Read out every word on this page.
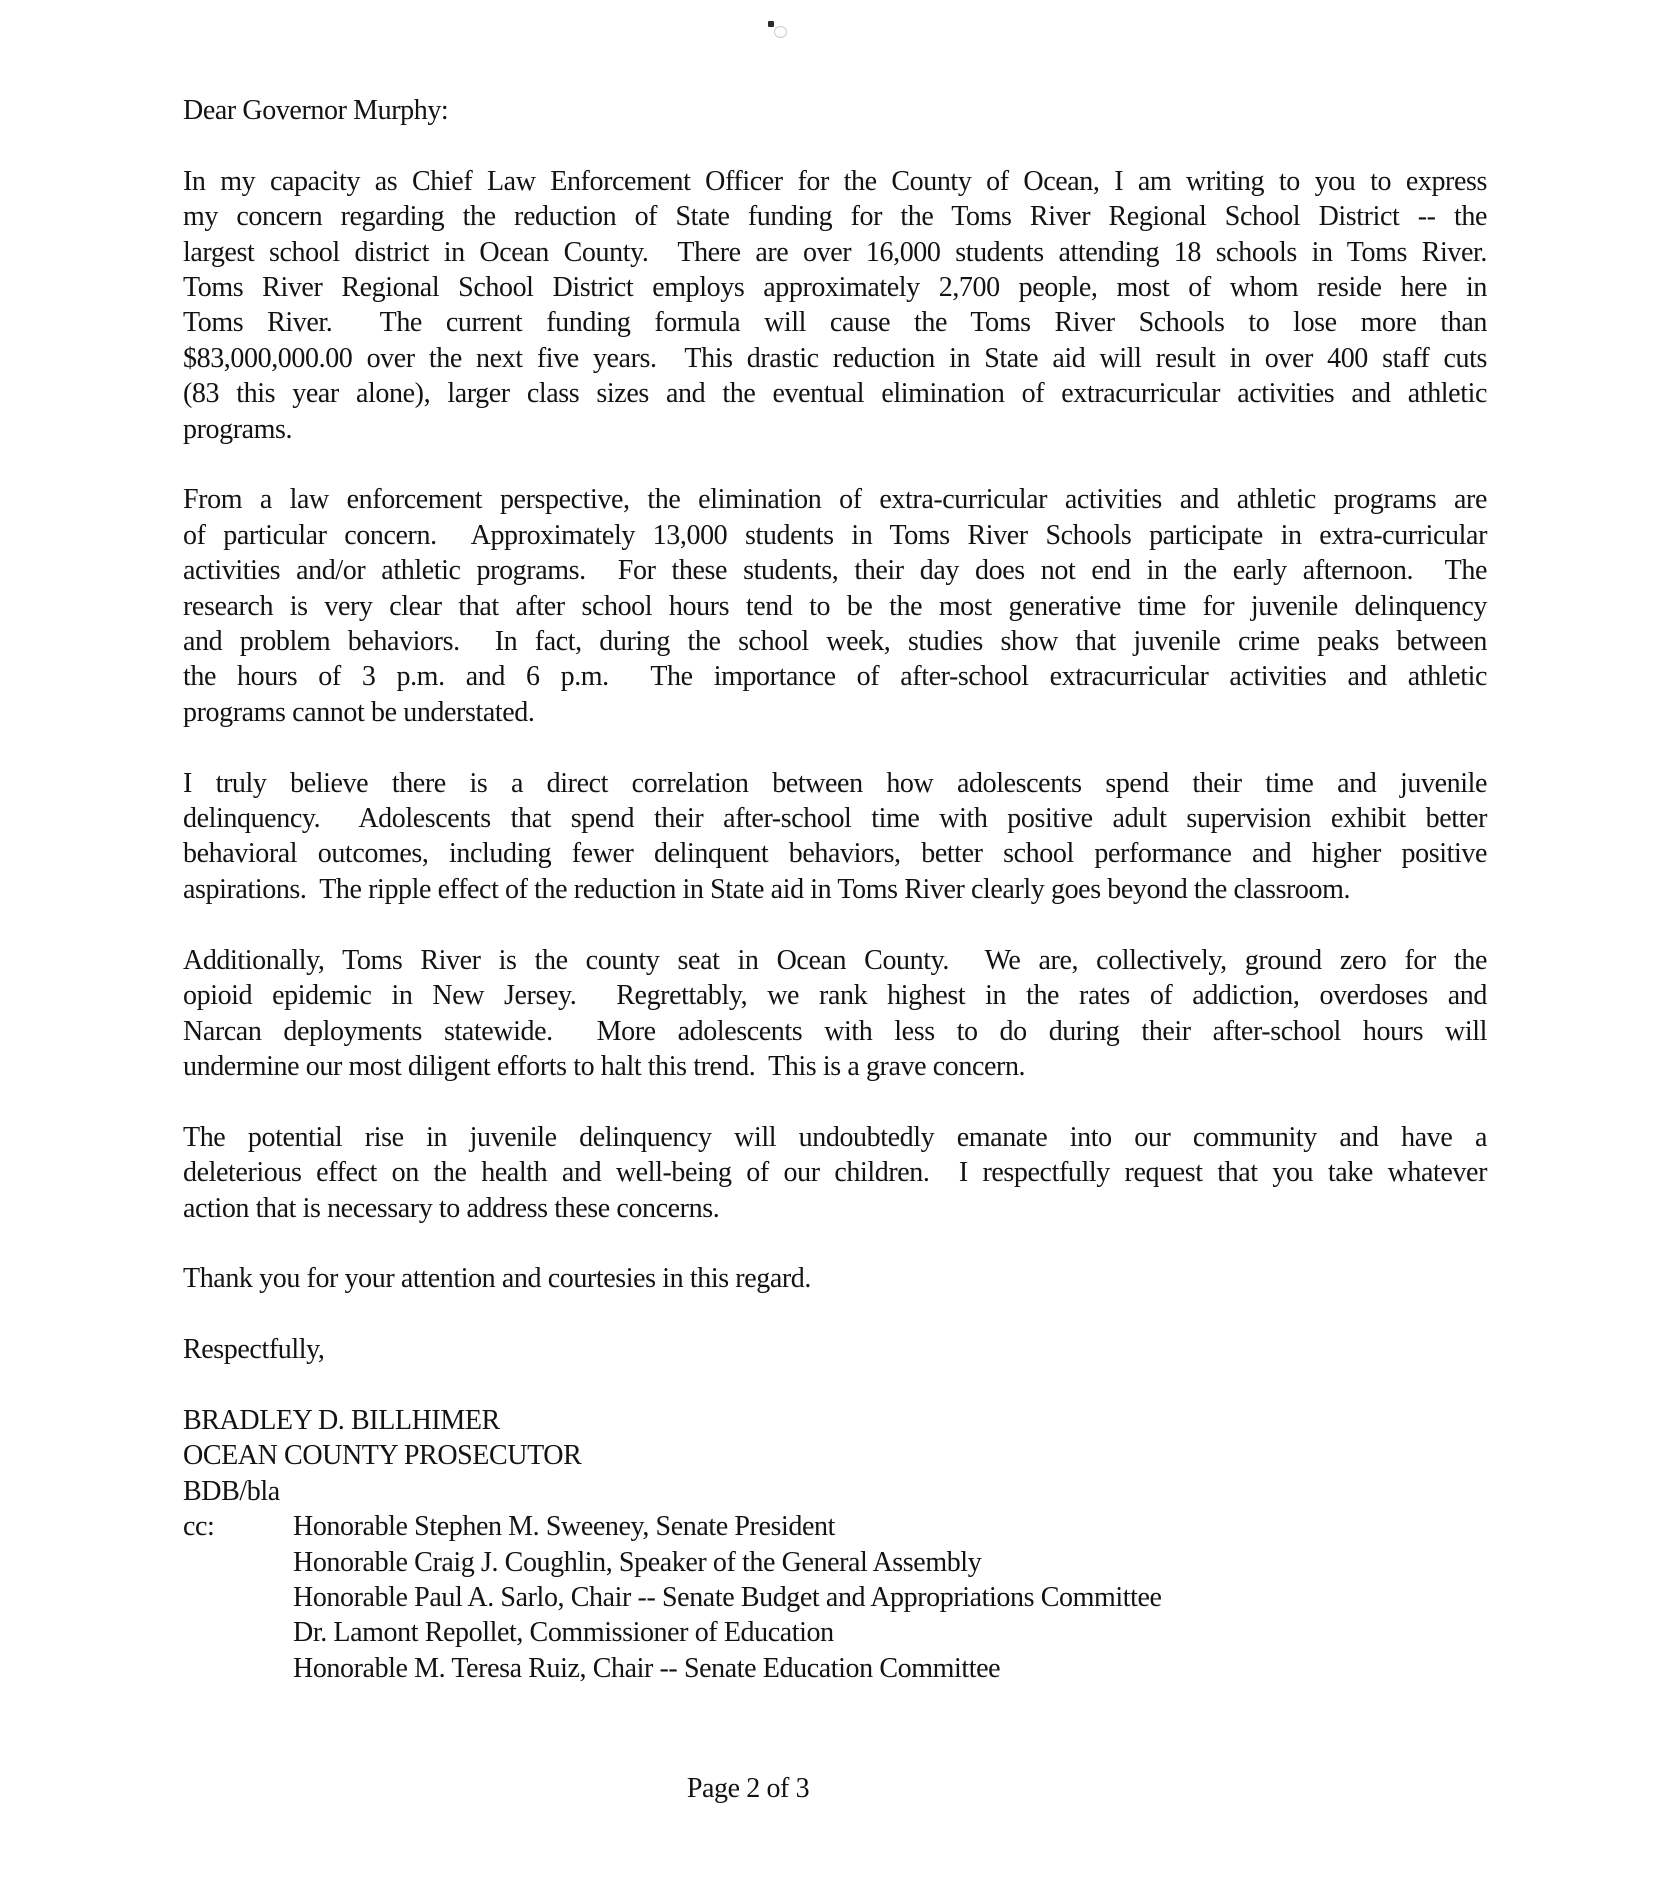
Dear Governor Murphy:
In my capacity as Chief Law Enforcement Officer for the County of Ocean, I am writing to you to express
my concern regarding the reduction of State funding for the Toms River Regional School District -- the
largest school district in Ocean County.  There are over 16,000 students attending 18 schools in Toms River.
Toms River Regional School District employs approximately 2,700 people, most of whom reside here in
Toms River.  The current funding formula will cause the Toms River Schools to lose more than
$83,000,000.00 over the next five years.  This drastic reduction in State aid will result in over 400 staff cuts
(83 this year alone), larger class sizes and the eventual elimination of extracurricular activities and athletic
programs.
From a law enforcement perspective, the elimination of extra-curricular activities and athletic programs are
of particular concern.  Approximately 13,000 students in Toms River Schools participate in extra-curricular
activities and/or athletic programs.  For these students, their day does not end in the early afternoon.  The
research is very clear that after school hours tend to be the most generative time for juvenile delinquency
and problem behaviors.  In fact, during the school week, studies show that juvenile crime peaks between
the hours of 3 p.m. and 6 p.m.  The importance of after-school extracurricular activities and athletic
programs cannot be understated.
I truly believe there is a direct correlation between how adolescents spend their time and juvenile
delinquency.  Adolescents that spend their after-school time with positive adult supervision exhibit better
behavioral outcomes, including fewer delinquent behaviors, better school performance and higher positive
aspirations.  The ripple effect of the reduction in State aid in Toms River clearly goes beyond the classroom.
Additionally, Toms River is the county seat in Ocean County.  We are, collectively, ground zero for the
opioid epidemic in New Jersey.  Regrettably, we rank highest in the rates of addiction, overdoses and
Narcan deployments statewide.  More adolescents with less to do during their after-school hours will
undermine our most diligent efforts to halt this trend.  This is a grave concern.
The potential rise in juvenile delinquency will undoubtedly emanate into our community and have a
deleterious effect on the health and well-being of our children.  I respectfully request that you take whatever
action that is necessary to address these concerns.
Thank you for your attention and courtesies in this regard.
Respectfully,
BRADLEY D. BILLHIMER
OCEAN COUNTY PROSECUTOR
BDB/bla
cc:	Honorable Stephen M. Sweeney, Senate President
Honorable Craig J. Coughlin, Speaker of the General Assembly
Honorable Paul A. Sarlo, Chair -- Senate Budget and Appropriations Committee
Dr. Lamont Repollet, Commissioner of Education
Honorable M. Teresa Ruiz, Chair -- Senate Education Committee
Page 2 of 3
